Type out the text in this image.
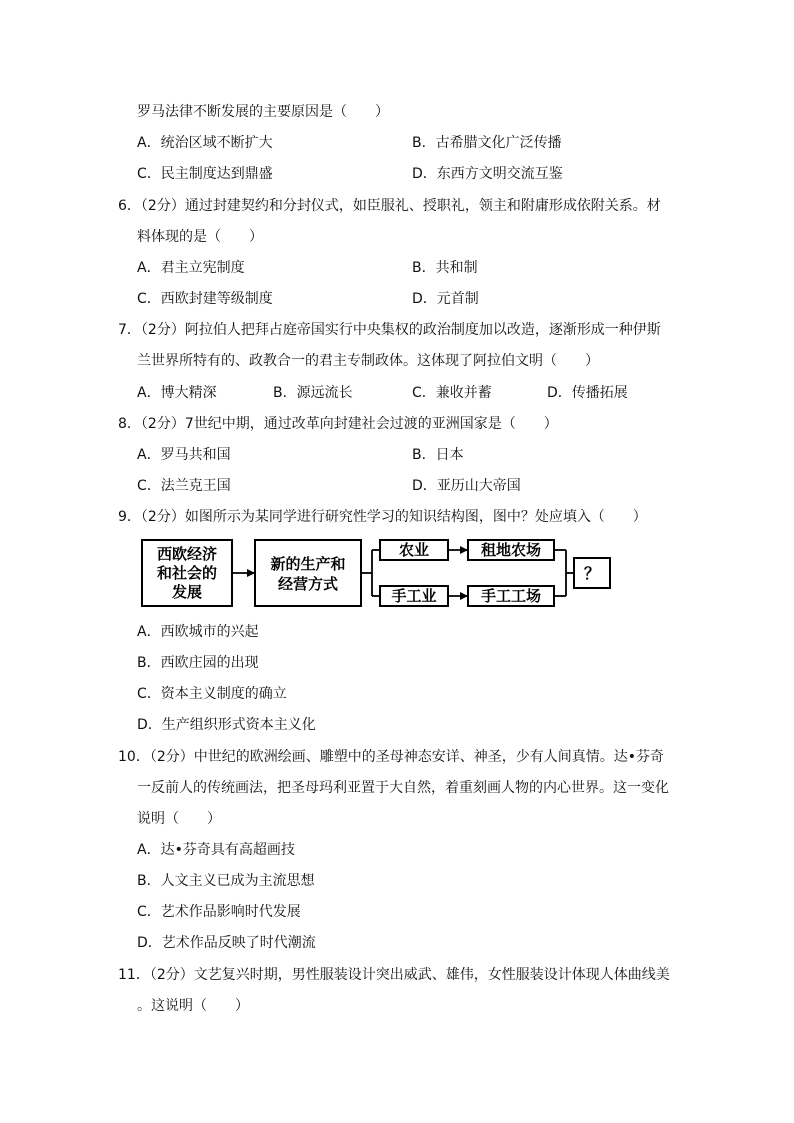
罗马法律不断发展的主要原因是（　　）
A．统治区域不断扩大	B．古希腊文化广泛传播
C．民主制度达到鼎盛	D．东西方文明交流互鉴
6．（2分）通过封建契约和分封仪式，如臣服礼、授职礼，领主和附庸形成依附关系。材
料体现的是（　　）
A．君主立宪制度	B．共和制
C．西欧封建等级制度	D．元首制
7．（2分）阿拉伯人把拜占庭帝国实行中央集权的政治制度加以改造，逐渐形成一种伊斯
兰世界所特有的、政教合一的君主专制政体。这体现了阿拉伯文明（　　）
A．博大精深	B．源远流长	C．兼收并蓄	D．传播拓展
8．（2分）7世纪中期，通过改革向封建社会过渡的亚洲国家是（　　）
A．罗马共和国	B．日本
C．法兰克王国	D．亚历山大帝国
9．（2分）如图所示为某同学进行研究性学习的知识结构图，图中？处应填入（　　）
西欧经济
和社会的
发展
新的生产和
经营方式
农业	租地农场
手工业	手工工场
？
A．西欧城市的兴起
B．西欧庄园的出现
C．资本主义制度的确立
D．生产组织形式资本主义化
10．（2分）中世纪的欧洲绘画、雕塑中的圣母神态安详、神圣，少有人间真情。达•芬奇
一反前人的传统画法，把圣母玛利亚置于大自然，着重刻画人物的内心世界。这一变化
说明（　　）
A．达•芬奇具有高超画技
B．人文主义已成为主流思想
C．艺术作品影响时代发展
D．艺术作品反映了时代潮流
11．（2分）文艺复兴时期，男性服装设计突出威武、雄伟，女性服装设计体现人体曲线美
。这说明（　　）
